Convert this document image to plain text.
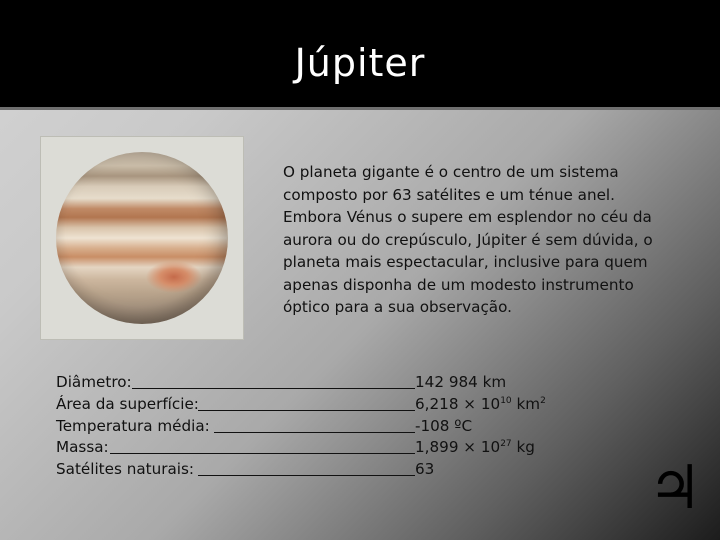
Júpiter
O planeta gigante é o centro de um sistema composto por 63 satélites e um ténue anel. Embora Vénus o supere em esplendor no céu da aurora ou do crepúsculo, Júpiter é sem dúvida, o planeta mais espectacular, inclusive para quem apenas disponha de um modesto instrumento óptico para a sua observação.
Diâmetro:	142 984 km
Área da superfície:	$6,218 \times 10^{10}$ $km^2$
Temperatura média:	-108 ºC
Massa:	$1,899 \times 10^{27}$ kg
Satélites naturais:	63	♃
